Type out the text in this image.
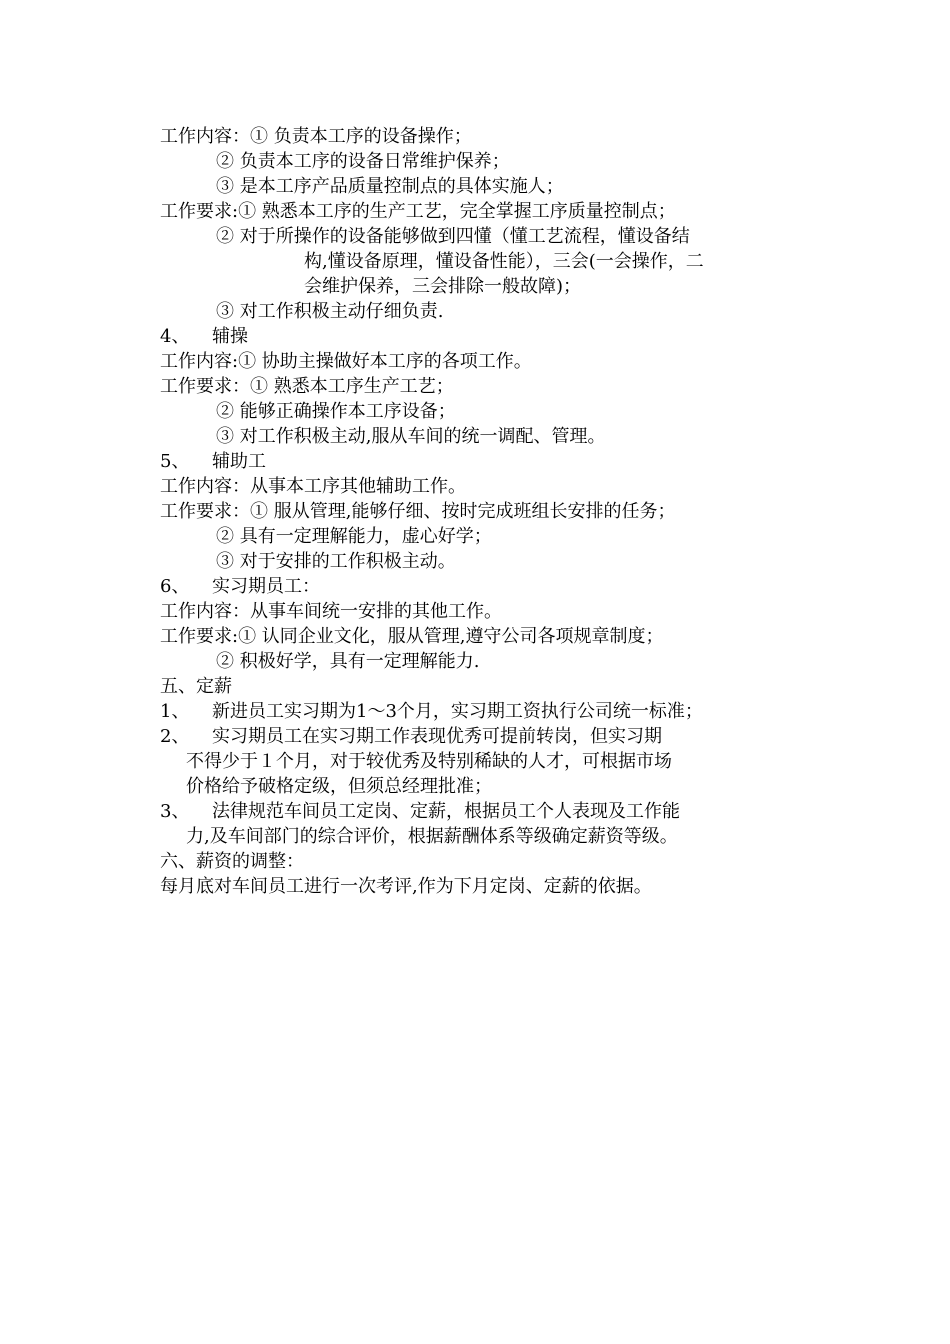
工作内容：① 负责本工序的设备操作；
② 负责本工序的设备日常维护保养；
③ 是本工序产品质量控制点的具体实施人；
工作要求:① 熟悉本工序的生产工艺，完全掌握工序质量控制点；
② 对于所操作的设备能够做到四懂（懂工艺流程，懂设备结
构,懂设备原理，懂设备性能），三会(一会操作，二
会维护保养，三会排除一般故障)；
③ 对工作积极主动仔细负责.
4、 辅操
工作内容:① 协助主操做好本工序的各项工作。
工作要求：① 熟悉本工序生产工艺；
② 能够正确操作本工序设备；
③ 对工作积极主动,服从车间的统一调配、管理。
5、 辅助工
工作内容：从事本工序其他辅助工作。
工作要求：① 服从管理,能够仔细、按时完成班组长安排的任务；
② 具有一定理解能力，虚心好学；
③ 对于安排的工作积极主动。
6、 实习期员工：
工作内容：从事车间统一安排的其他工作。
工作要求:① 认同企业文化，服从管理,遵守公司各项规章制度；
② 积极好学，具有一定理解能力.
五、定薪
1、 新进员工实习期为1～3个月，实习期工资执行公司统一标准；
2、 实习期员工在实习期工作表现优秀可提前转岗，但实习期
不得少于１个月，对于较优秀及特别稀缺的人才，可根据市场
价格给予破格定级，但须总经理批准；
3、 法律规范车间员工定岗、定薪，根据员工个人表现及工作能
力,及车间部门的综合评价，根据薪酬体系等级确定薪资等级。
六、薪资的调整：
每月底对车间员工进行一次考评,作为下月定岗、定薪的依据。
